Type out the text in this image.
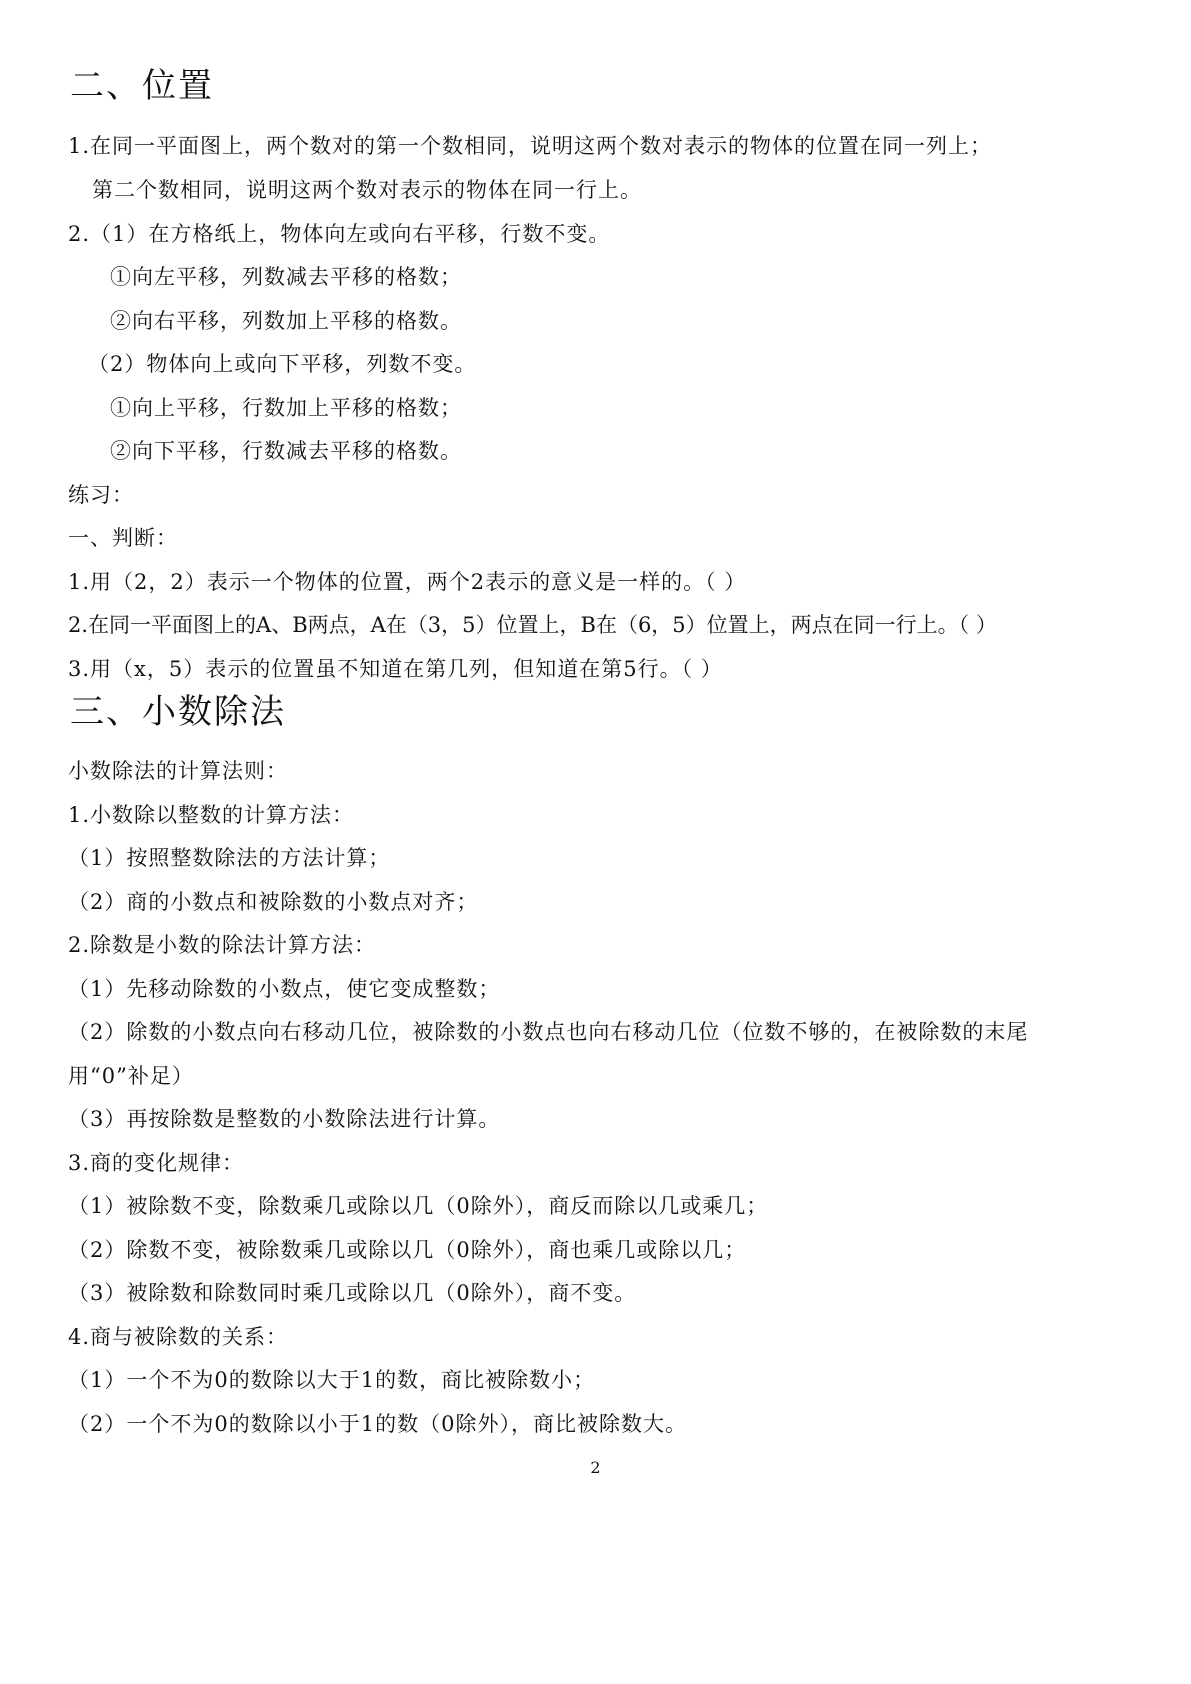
二、位置
1.在同一平面图上，两个数对的第一个数相同，说明这两个数对表示的物体的位置在同一列上；
第二个数相同，说明这两个数对表示的物体在同一行上。
2.（1）在方格纸上，物体向左或向右平移，行数不变。
①向左平移，列数减去平移的格数；
②向右平移，列数加上平移的格数。
（2）物体向上或向下平移，列数不变。
①向上平移，行数加上平移的格数；
②向下平移，行数减去平移的格数。
练习：
一、判断：
1.用（2，2）表示一个物体的位置，两个2表示的意义是一样的。（ ）
2.在同一平面图上的A、B两点，A在（3，5）位置上，B在（6，5）位置上，两点在同一行上。（ ）
3.用（x，5）表示的位置虽不知道在第几列，但知道在第5行。（ ）
三、小数除法
小数除法的计算法则：
1.小数除以整数的计算方法：
（1）按照整数除法的方法计算；
（2）商的小数点和被除数的小数点对齐；
2.除数是小数的除法计算方法：
（1）先移动除数的小数点，使它变成整数；
（2）除数的小数点向右移动几位，被除数的小数点也向右移动几位（位数不够的，在被除数的末尾
用“0”补足）
（3）再按除数是整数的小数除法进行计算。
3.商的变化规律：
（1）被除数不变，除数乘几或除以几（0除外），商反而除以几或乘几；
（2）除数不变，被除数乘几或除以几（0除外），商也乘几或除以几；
（3）被除数和除数同时乘几或除以几（0除外），商不变。
4.商与被除数的关系：
（1）一个不为0的数除以大于1的数，商比被除数小；
（2）一个不为0的数除以小于1的数（0除外），商比被除数大。
2
